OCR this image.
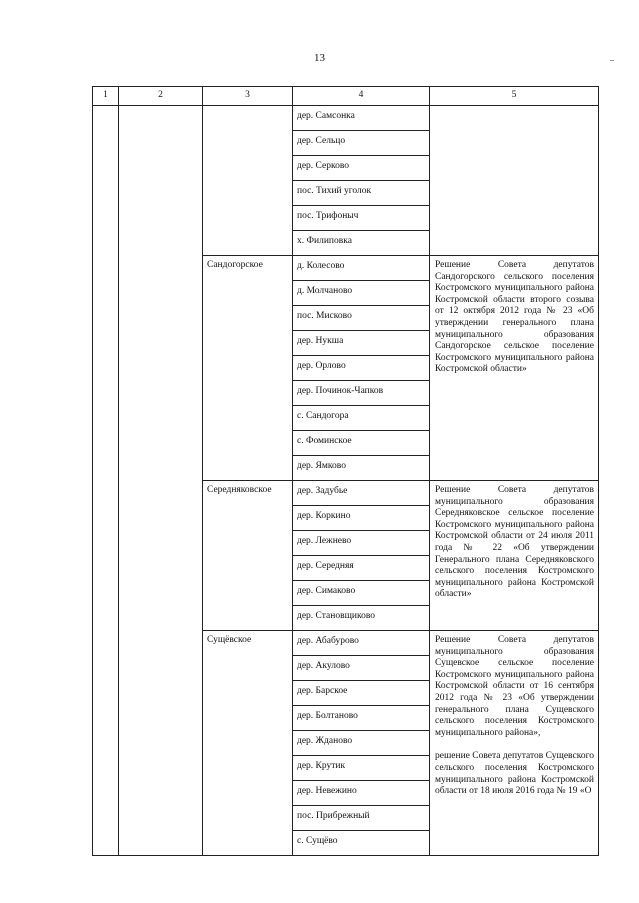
13
1	2	3	4	5
			дер. Самсонка	
			дер. Сельцо	
			дер. Серково	
			пос. Тихий уголок	
			пос. Трифоныч	
			х. Филиповка	
		Сандогорское	д. Колесово	Решение Совета депутатов Сандогорского сельского поселения Костромского муниципального района Костромской области второго созыва от 12 октября 2012 года № 23 «Об утверждении генерального плана муниципального образования Сандогорское сельское поселение Костромского муниципального района Костромской области»

			д. Молчаново	
			пос. Мисково	
			дер. Нукша	
			дер. Орлово	
			дер. Починок-Чапков	
			с. Сандогора	
			с. Фоминское	
			дер. Ямково	
		Середняковское	дер. Задубье	Решение Совета депутатов муниципального образования Середняковское сельское поселение Костромского муниципального района Костромской области от 24 июля 2011 года № 22 «Об утверждении Генерального плана Середняковского сельского поселения Костромского муниципального района Костромской области»

			дер. Коркино	
			дер. Лежнево	
			дер. Середняя	
			дер. Симаково	
			дер. Становщиково	
		Сущёвское	дер. Абабурово	Решение Совета депутатов муниципального образования Сущевское сельское поселение Костромского муниципального района Костромской области от 16 сентября 2012 года № 23 «Об утверждении генерального плана Сущевского сельского поселения Костромского муниципального района»,

решение Совета депутатов Сущевского сельского поселения Костромского муниципального района Костромской области от 18 июля 2016 года № 19 «О

			дер. Акулово	
			дер. Барское	
			дер. Болтаново	
			дер. Жданово	
			дер. Крутик	
			дер. Невежино	
			пос. Прибрежный	
			с. Сущёво	
